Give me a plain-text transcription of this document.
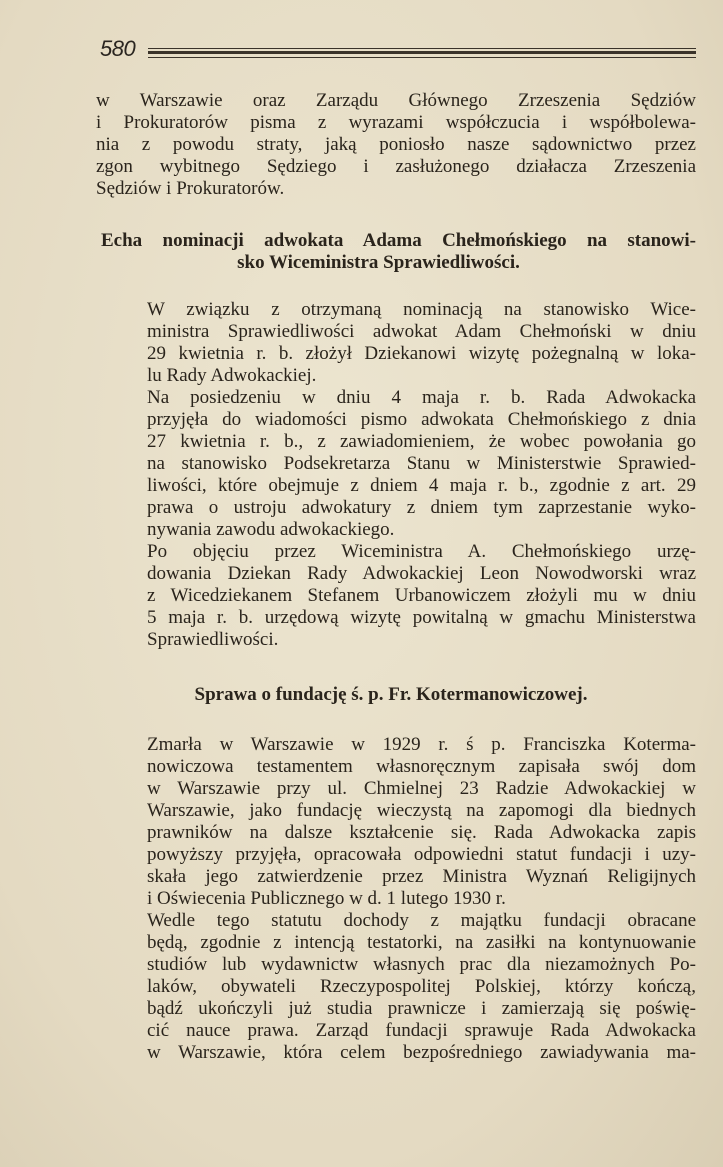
580

w Warszawie oraz Zarządu Głównego Zrzeszenia Sędziów
i Prokuratorów pisma z wyrazami współczucia i współbolewa-
nia z powodu straty, jaką poniosło nasze sądownictwo przez
zgon wybitnego Sędziego i zasłużonego działacza Zrzeszenia
Sędziów i Prokuratorów.

Echa nominacji adwokata Adama Chełmońskiego na stanowi-
sko Wiceministra Sprawiedliwości.

W związku z otrzymaną nominacją na stanowisko Wice-
ministra Sprawiedliwości adwokat Adam Chełmoński w dniu
29 kwietnia r. b. złożył Dziekanowi wizytę pożegnalną w loka-
lu Rady Adwokackiej.

Na posiedzeniu w dniu 4 maja r. b. Rada Adwokacka
przyjęła do wiadomości pismo adwokata Chełmońskiego z dnia
27 kwietnia r. b., z zawiadomieniem, że wobec powołania go
na stanowisko Podsekretarza Stanu w Ministerstwie Sprawied-
liwości, które obejmuje z dniem 4 maja r. b., zgodnie z art. 29
prawa o ustroju adwokatury z dniem tym zaprzestanie wyko-
nywania zawodu adwokackiego.

Po objęciu przez Wiceministra A. Chełmońskiego urzę-
dowania Dziekan Rady Adwokackiej Leon Nowodworski wraz
z Wicedziekanem Stefanem Urbanowiczem złożyli mu w dniu
5 maja r. b. urzędową wizytę powitalną w gmachu Ministerstwa
Sprawiedliwości.

Sprawa o fundację ś. p. Fr. Kotermanowiczowej.

Zmarła w Warszawie w 1929 r. ś p. Franciszka Koterma-
nowiczowa testamentem własnoręcznym zapisała swój dom
w Warszawie przy ul. Chmielnej 23 Radzie Adwokackiej w
Warszawie, jako fundację wieczystą na zapomogi dla biednych
prawników na dalsze kształcenie się. Rada Adwokacka zapis
powyższy przyjęła, opracowała odpowiedni statut fundacji i uzy-
skała jego zatwierdzenie przez Ministra Wyznań Religijnych
i Oświecenia Publicznego w d. 1 lutego 1930 r.

Wedle tego statutu dochody z majątku fundacji obracane
będą, zgodnie z intencją testatorki, na zasiłki na kontynuowanie
studiów lub wydawnictw własnych prac dla niezamożnych Po-
laków, obywateli Rzeczypospolitej Polskiej, którzy kończą,
bądź ukończyli już studia prawnicze i zamierzają się poświę-
cić nauce prawa. Zarząd fundacji sprawuje Rada Adwokacka
w Warszawie, która celem bezpośredniego zawiadywania ma-
